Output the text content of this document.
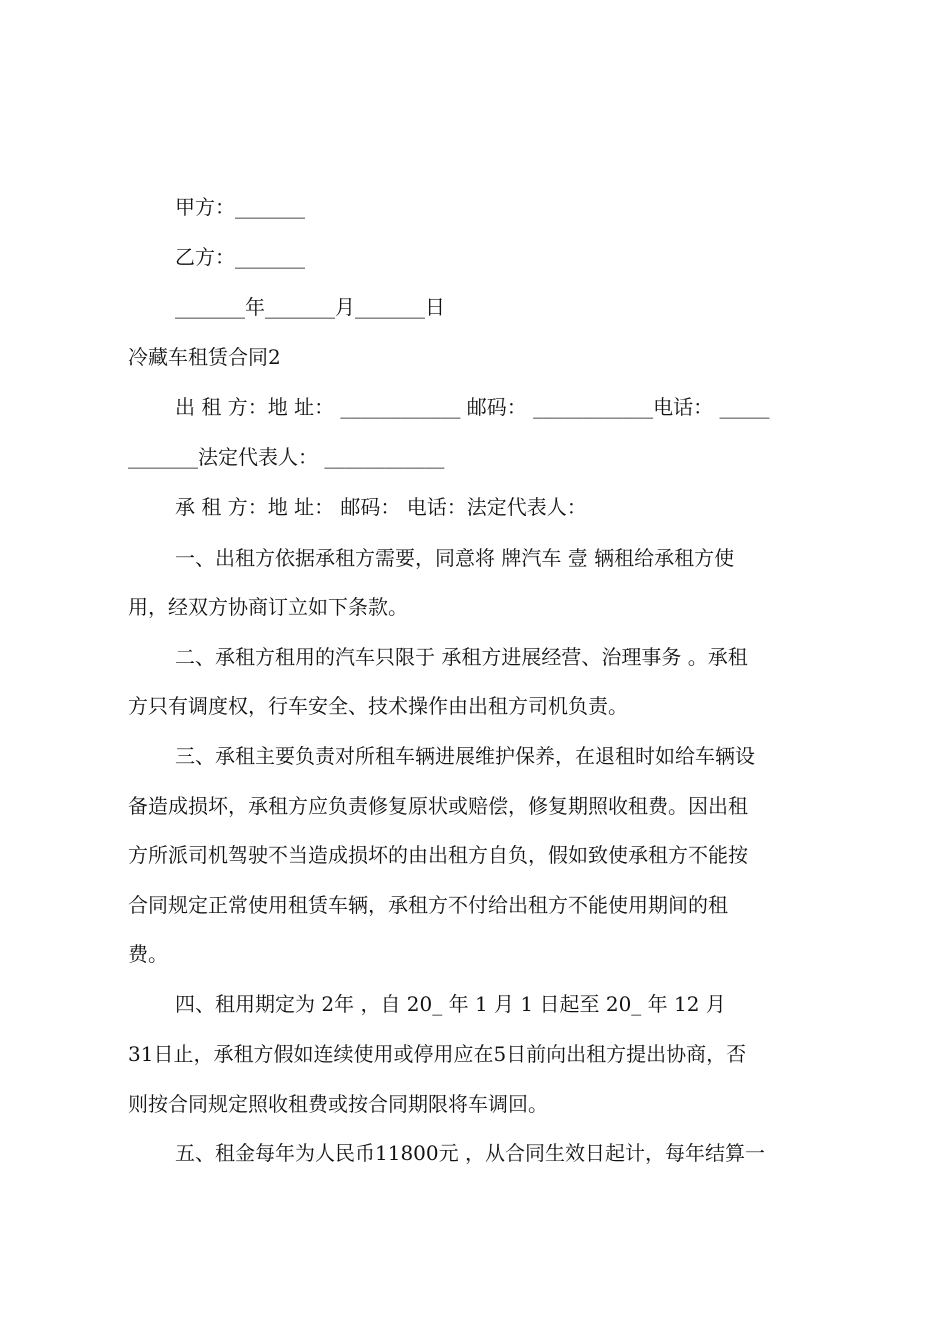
甲方：_______
乙方：_______
_______年_______月_______日
冷藏车租赁合同2
出 租 方：地 址： ____________ 邮码： ____________电话： _____
_______法定代表人： ____________
承 租 方：地 址： 邮码： 电话：法定代表人：
一、出租方依据承租方需要，同意将 牌汽车 壹 辆租给承租方使
用，经双方协商订立如下条款。
二、承租方租用的汽车只限于 承租方进展经营、治理事务 。承租
方只有调度权，行车安全、技术操作由出租方司机负责。
三、承租主要负责对所租车辆进展维护保养，在退租时如给车辆设
备造成损坏，承租方应负责修复原状或赔偿，修复期照收租费。因出租
方所派司机驾驶不当造成损坏的由出租方自负，假如致使承租方不能按
合同规定正常使用租赁车辆，承租方不付给出租方不能使用期间的租
费。
四、租用期定为 2年 ，自 20_ 年 1 月 1 日起至 20_ 年 12 月
31日止，承租方假如连续使用或停用应在5日前向出租方提出协商，否
则按合同规定照收租费或按合同期限将车调回。
五、租金每年为人民币11800元 ，从合同生效日起计，每年结算一
